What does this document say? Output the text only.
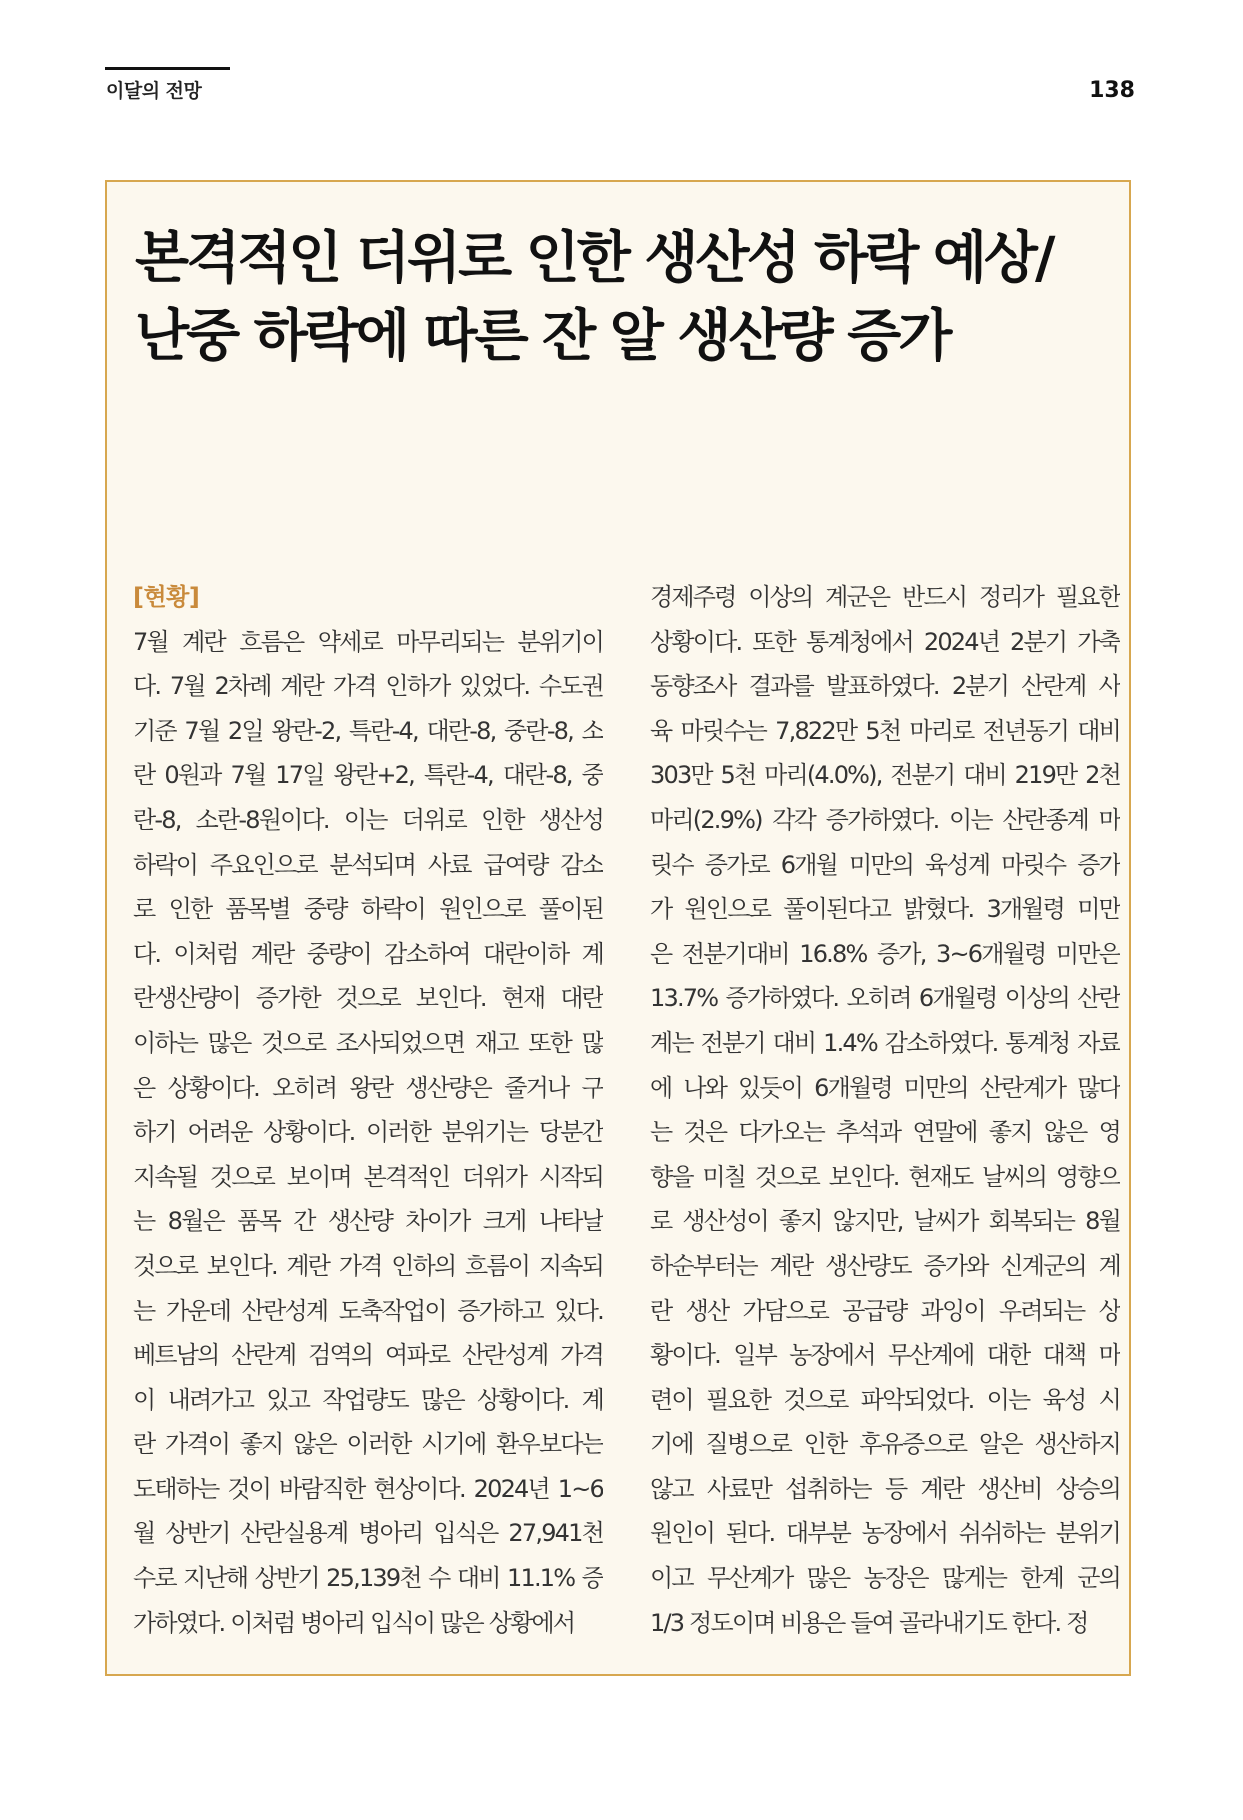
이달의 전망	138
본격적인 더위로 인한 생산성 하락 예상/
난중 하락에 따른 잔 알 생산량 증가
[현황]
7월 계란 흐름은 약세로 마무리되는 분위기이
다. 7월 2차례 계란 가격 인하가 있었다. 수도권
기준 7월 2일 왕란-2, 특란-4, 대란-8, 중란-8, 소
란 0원과 7월 17일 왕란+2, 특란-4, 대란-8, 중
란-8, 소란-8원이다. 이는 더위로 인한 생산성
하락이 주요인으로 분석되며 사료 급여량 감소
로 인한 품목별 중량 하락이 원인으로 풀이된
다. 이처럼 계란 중량이 감소하여 대란이하 계
란생산량이 증가한 것으로 보인다. 현재 대란
이하는 많은 것으로 조사되었으면 재고 또한 많
은 상황이다. 오히려 왕란 생산량은 줄거나 구
하기 어려운 상황이다. 이러한 분위기는 당분간
지속될 것으로 보이며 본격적인 더위가 시작되
는 8월은 품목 간 생산량 차이가 크게 나타날
것으로 보인다. 계란 가격 인하의 흐름이 지속되
는 가운데 산란성계 도축작업이 증가하고 있다.
베트남의 산란계 검역의 여파로 산란성계 가격
이 내려가고 있고 작업량도 많은 상황이다. 계
란 가격이 좋지 않은 이러한 시기에 환우보다는
도태하는 것이 바람직한 현상이다. 2024년 1~6
월 상반기 산란실용계 병아리 입식은 27,941천
수로 지난해 상반기 25,139천 수 대비 11.1% 증
가하였다. 이처럼 병아리 입식이 많은 상황에서
경제주령 이상의 계군은 반드시 정리가 필요한
상황이다. 또한 통계청에서 2024년 2분기 가축
동향조사 결과를 발표하였다. 2분기 산란계 사
육 마릿수는 7,822만 5천 마리로 전년동기 대비
303만 5천 마리(4.0%), 전분기 대비 219만 2천
마리(2.9%) 각각 증가하였다. 이는 산란종계 마
릿수 증가로 6개월 미만의 육성계 마릿수 증가
가 원인으로 풀이된다고 밝혔다. 3개월령 미만
은 전분기대비 16.8% 증가, 3~6개월령 미만은
13.7% 증가하였다. 오히려 6개월령 이상의 산란
계는 전분기 대비 1.4% 감소하였다. 통계청 자료
에 나와 있듯이 6개월령 미만의 산란계가 많다
는 것은 다가오는 추석과 연말에 좋지 않은 영
향을 미칠 것으로 보인다. 현재도 날씨의 영향으
로 생산성이 좋지 않지만, 날씨가 회복되는 8월
하순부터는 계란 생산량도 증가와 신계군의 계
란 생산 가담으로 공급량 과잉이 우려되는 상
황이다. 일부 농장에서 무산계에 대한 대책 마
련이 필요한 것으로 파악되었다. 이는 육성 시
기에 질병으로 인한 후유증으로 알은 생산하지
않고 사료만 섭취하는 등 계란 생산비 상승의
원인이 된다. 대부분 농장에서 쉬쉬하는 분위기
이고 무산계가 많은 농장은 많게는 한계 군의
1/3 정도이며 비용은 들여 골라내기도 한다. 정
